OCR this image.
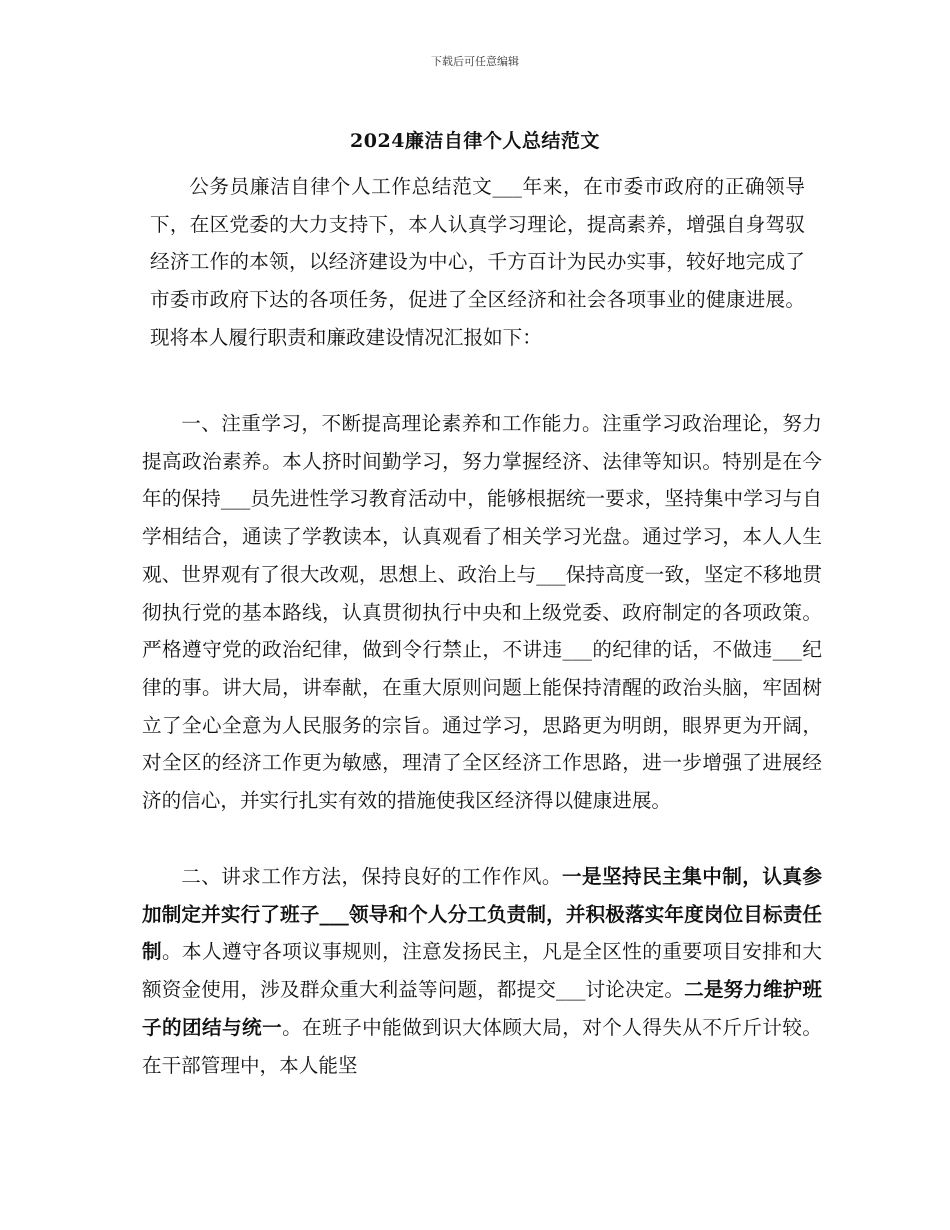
下载后可任意编辑
2024廉洁自律个人总结范文

公务员廉洁自律个人工作总结范文___年来，在市委市政府的正确领导下，在区党委的大力支持下，本人认真学习理论，提高素养，增强自身驾驭经济工作的本领，以经济建设为中心，千方百计为民办实事，较好地完成了市委市政府下达的各项任务，促进了全区经济和社会各项事业的健康进展。现将本人履行职责和廉政建设情况汇报如下：

一、注重学习，不断提高理论素养和工作能力。注重学习政治理论，努力提高政治素养。本人挤时间勤学习，努力掌握经济、法律等知识。特别是在今年的保持___员先进性学习教育活动中，能够根据统一要求，坚持集中学习与自学相结合，通读了学教读本，认真观看了相关学习光盘。通过学习，本人人生观、世界观有了很大改观，思想上、政治上与___保持高度一致，坚定不移地贯彻执行党的基本路线，认真贯彻执行中央和上级党委、政府制定的各项政策。严格遵守党的政治纪律，做到令行禁止，不讲违___的纪律的话，不做违___纪律的事。讲大局，讲奉献，在重大原则问题上能保持清醒的政治头脑，牢固树立了全心全意为人民服务的宗旨。通过学习，思路更为明朗，眼界更为开阔，对全区的经济工作更为敏感，理清了全区经济工作思路，进一步增强了进展经济的信心，并实行扎实有效的措施使我区经济得以健康进展。

二、讲求工作方法，保持良好的工作作风。一是坚持民主集中制，认真参加制定并实行了班子___领导和个人分工负责制，并积极落实年度岗位目标责任制。本人遵守各项议事规则，注意发扬民主，凡是全区性的重要项目安排和大额资金使用，涉及群众重大利益等问题，都提交___讨论决定。二是努力维护班子的团结与统一。在班子中能做到识大体顾大局，对个人得失从不斤斤计较。在干部管理中，本人能坚
